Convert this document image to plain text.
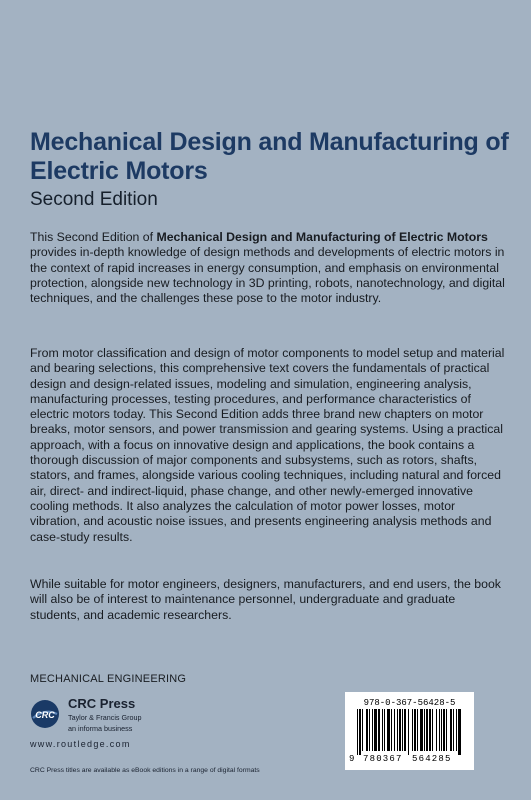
Mechanical Design and Manufacturing of Electric Motors
Second Edition

This Second Edition of Mechanical Design and Manufacturing of Electric Motors provides in-depth knowledge of design methods and developments of electric motors in the context of rapid increases in energy consumption, and emphasis on environmental protection, alongside new technology in 3D printing, robots, nanotechnology, and digital techniques, and the challenges these pose to the motor industry.

From motor classification and design of motor components to model setup and material and bearing selections, this comprehensive text covers the fundamentals of practical design and design-related issues, modeling and simulation, engineering analysis, manufacturing processes, testing procedures, and performance characteristics of electric motors today. This Second Edition adds three brand new chapters on motor breaks, motor sensors, and power transmission and gearing systems. Using a practical approach, with a focus on innovative design and applications, the book contains a thorough discussion of major components and subsystems, such as rotors, shafts, stators, and frames, alongside various cooling techniques, including natural and forced air, direct- and indirect-liquid, phase change, and other newly-emerged innovative cooling methods. It also analyzes the calculation of motor power losses, motor vibration, and acoustic noise issues, and presents engineering analysis methods and case-study results.

While suitable for motor engineers, designers, manufacturers, and end users, the book will also be of interest to maintenance personnel, undergraduate and graduate students, and academic researchers.

MECHANICAL ENGINEERING
CRC
CRC Press
Taylor & Francis Group
an informa business
www.routledge.com
CRC Press titles are available as eBook editions in a range of digital formats
978-0-367-56428-5
9 780367 564285
